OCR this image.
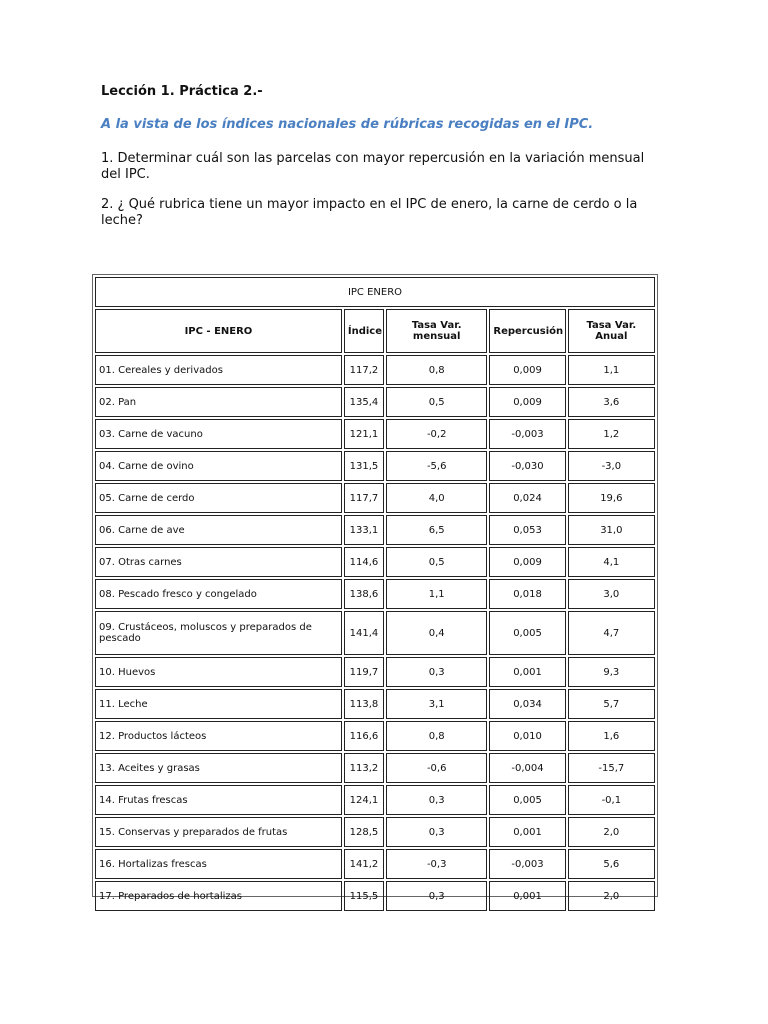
Lección 1. Práctica 2.-
A la vista de los índices nacionales de rúbricas recogidas en el IPC.
1. Determinar cuál son las parcelas con mayor repercusión en la variación mensual del IPC.
2. ¿ Qué rubrica tiene un mayor impacto en el IPC de enero, la carne de cerdo o la leche?
IPC ENERO				
IPC - ENERO	Índice	Tasa Var. mensual	Repercusión	Tasa Var. Anual
01. Cereales y derivados	117,2	0,8	0,009	1,1
02. Pan	135,4	0,5	0,009	3,6
03. Carne de vacuno	121,1	-0,2	-0,003	1,2
04. Carne de ovino	131,5	-5,6	-0,030	-3,0
05. Carne de cerdo	117,7	4,0	0,024	19,6
06. Carne de ave	133,1	6,5	0,053	31,0
07. Otras carnes	114,6	0,5	0,009	4,1
08. Pescado fresco y congelado	138,6	1,1	0,018	3,0
09. Crustáceos, moluscos y preparados de pescado	141,4	0,4	0,005	4,7
10. Huevos	119,7	0,3	0,001	9,3
11. Leche	113,8	3,1	0,034	5,7
12. Productos lácteos	116,6	0,8	0,010	1,6
13. Aceites y grasas	113,2	-0,6	-0,004	-15,7
14. Frutas frescas	124,1	0,3	0,005	-0,1
15. Conservas y preparados de frutas	128,5	0,3	0,001	2,0
16. Hortalizas frescas	141,2	-0,3	-0,003	5,6
17. Preparados de hortalizas	115,5	0,3	0,001	2,0
